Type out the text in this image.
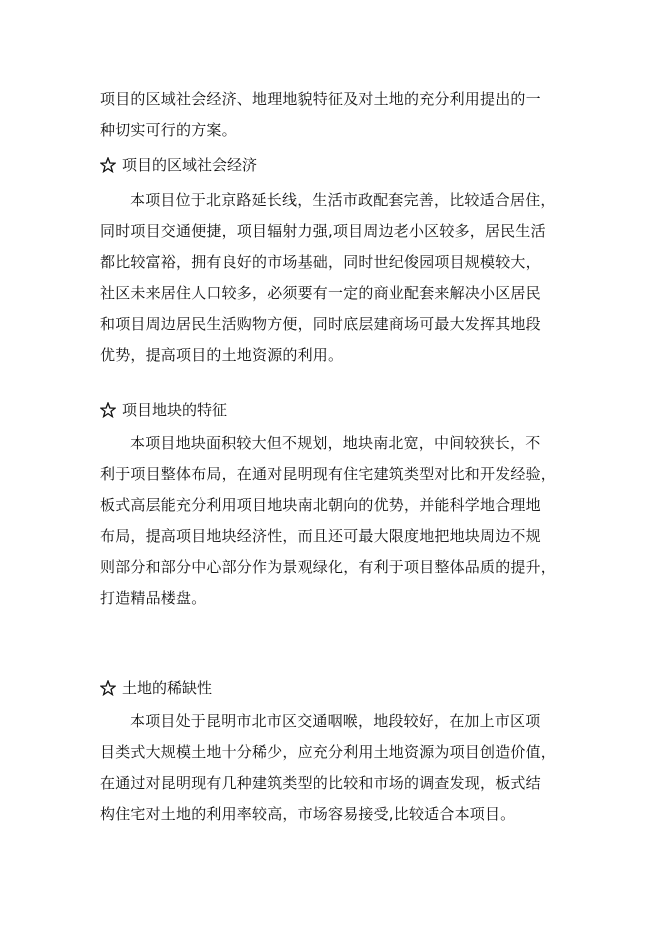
项目的区域社会经济、地理地貌特征及对土地的充分利用提出的一
种切实可行的方案。
项目的区域社会经济
本项目位于北京路延长线，生活市政配套完善，比较适合居住，
同时项目交通便捷，项目辐射力强,项目周边老小区较多，居民生活
都比较富裕，拥有良好的市场基础，同时世纪俊园项目规模较大，
社区未来居住人口较多，必须要有一定的商业配套来解决小区居民
和项目周边居民生活购物方便，同时底层建商场可最大发挥其地段
优势，提高项目的土地资源的利用。
项目地块的特征
本项目地块面积较大但不规划，地块南北宽，中间较狭长，不
利于项目整体布局，在通对昆明现有住宅建筑类型对比和开发经验，
板式高层能充分利用项目地块南北朝向的优势，并能科学地合理地
布局，提高项目地块经济性，而且还可最大限度地把地块周边不规
则部分和部分中心部分作为景观绿化，有利于项目整体品质的提升，
打造精品楼盘。
土地的稀缺性
本项目处于昆明市北市区交通咽喉，地段较好，在加上市区项
目类式大规模土地十分稀少，应充分利用土地资源为项目创造价值，
在通过对昆明现有几种建筑类型的比较和市场的调查发现，板式结
构住宅对土地的利用率较高，市场容易接受,比较适合本项目。
